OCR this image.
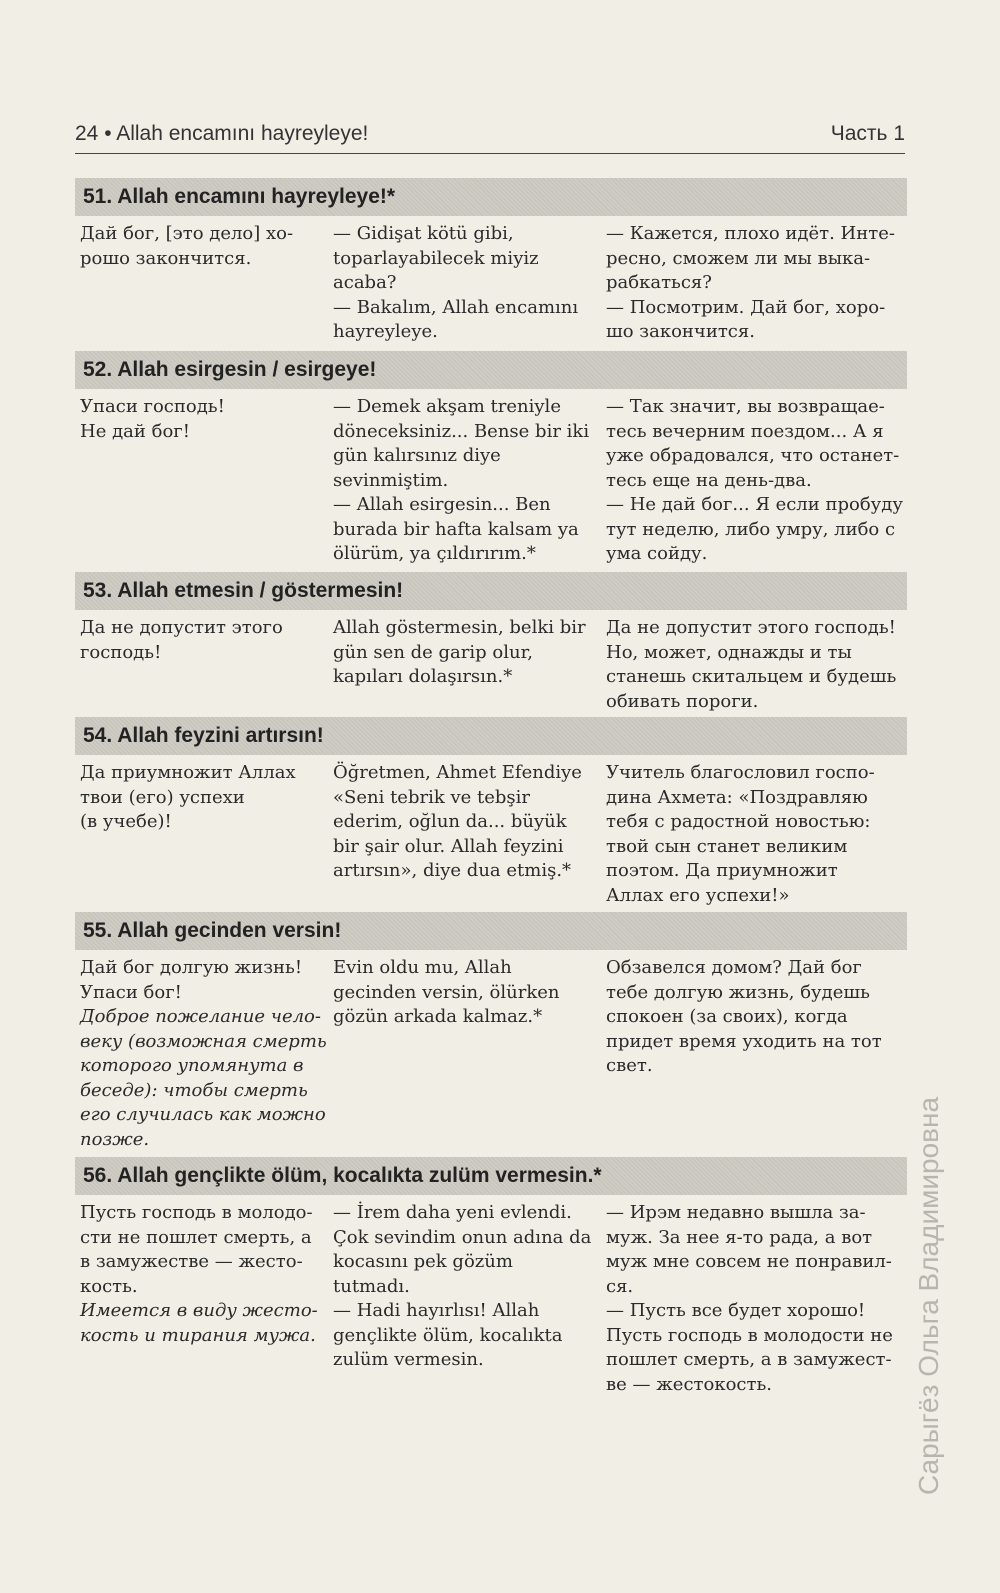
24 • Allah encamını hayreyleye!	Часть 1
51. Allah encamını hayreyleye!*

Дай бог, [это дело] хо-

рошо закончится.

— Gidişat kötü gibi,

toparlayabilecek miyiz

acaba?

— Bakalım, Allah encamını

hayreyleye.

— Кажется, плохо идёт. Инте-

ресно, сможем ли мы выка-

рабкаться?

— Посмотрим. Дай бог, хоро-

шо закончится.

52. Allah esirgesin / esirgeye!

Упаси господь!

Не дай бог!

— Demek akşam treniyle

döneceksiniz... Bense bir iki

gün kalırsınız diye

sevinmiştim.

— Allah esirgesin... Ben

burada bir hafta kalsam ya

ölürüm, ya çıldırırım.*

— Так значит, вы возвращае-

тесь вечерним поездом... А я

уже обрадовался, что останет-

тесь еще на день-два.

— Не дай бог... Я если пробуду

тут неделю, либо умру, либо с

ума сойду.

53. Allah etmesin / göstermesin!

Да не допустит этого

господь!

Allah göstermesin, belki bir

gün sen de garip olur,

kapıları dolaşırsın.*

Да не допустит этого господь!

Но, может, однажды и ты

станешь скитальцем и будешь

обивать пороги.

54. Allah feyzini artırsın!

Да приумножит Аллах

твои (его) успехи

(в учебе)!

Öğretmen, Ahmet Efendiye

«Seni tebrik ve tebşir

ederim, oğlun da... büyük

bir şair olur. Allah feyzini

artırsın», diye dua etmiş.*

Учитель благословил госпо-

дина Ахмета: «Поздравляю

тебя с радостной новостью:

твой сын станет великим

поэтом. Да приумножит

Аллах его успехи!»

55. Allah gecinden versin!

Дай бог долгую жизнь!

Упаси бог!

Доброе пожелание чело-

веку (возможная смерть

которого упомянута в

беседе): чтобы смерть

его случилась как можно

позже.

Evin oldu mu, Allah

gecinden versin, ölürken

gözün arkada kalmaz.*

Обзавелся домом? Дай бог

тебе долгую жизнь, будешь

спокоен (за своих), когда

придет время уходить на тот

свет.

56. Allah gençlikte ölüm, kocalıkta zulüm vermesin.*

Пусть господь в молодо-

сти не пошлет смерть, а

в замужестве — жесто-

кость.

Имеется в виду жесто-

кость и тирания мужа.

— İrem daha yeni evlendi.

Çok sevindim onun adına da

kocasını pek gözüm

tutmadı.

— Hadi hayırlısı! Allah

gençlikte ölüm, kocalıkta

zulüm vermesin.

— Ирэм недавно вышла за-

муж. За нее я-то рада, а вот

муж мне совсем не понравил-

ся.

— Пусть все будет хорошо!

Пусть господь в молодости не

пошлет смерть, а в замужест-

ве — жестокость.	Сарыгёз Ольга Владимировна
